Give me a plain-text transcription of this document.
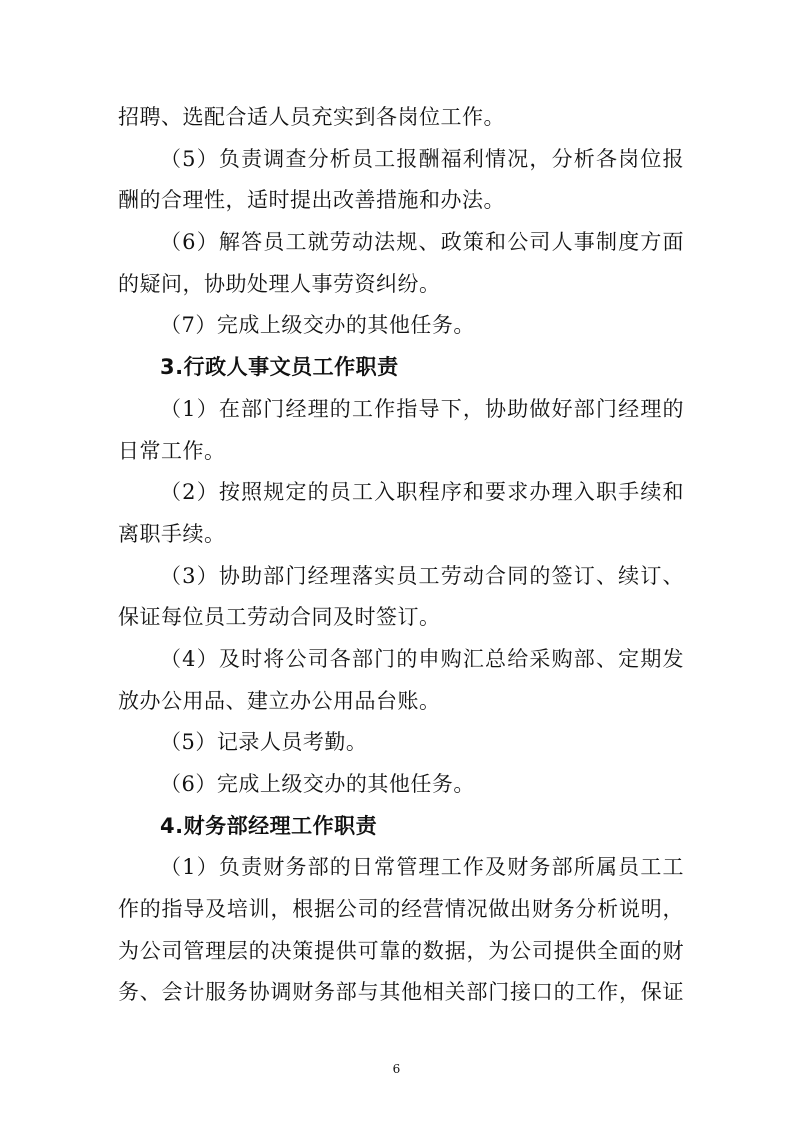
招聘、选配合适人员充实到各岗位工作。
（5）负责调查分析员工报酬福利情况，分析各岗位报
酬的合理性，适时提出改善措施和办法。
（6）解答员工就劳动法规、政策和公司人事制度方面
的疑问，协助处理人事劳资纠纷。
（7）完成上级交办的其他任务。
3.行政人事文员工作职责
（1）在部门经理的工作指导下，协助做好部门经理的
日常工作。
（2）按照规定的员工入职程序和要求办理入职手续和
离职手续。
（3）协助部门经理落实员工劳动合同的签订、续订、
保证每位员工劳动合同及时签订。
（4）及时将公司各部门的申购汇总给采购部、定期发
放办公用品、建立办公用品台账。
（5）记录人员考勤。
（6）完成上级交办的其他任务。
4.财务部经理工作职责
（1）负责财务部的日常管理工作及财务部所属员工工
作的指导及培训，根据公司的经营情况做出财务分析说明，
为公司管理层的决策提供可靠的数据，为公司提供全面的财
务、会计服务协调财务部与其他相关部门接口的工作，保证
6
